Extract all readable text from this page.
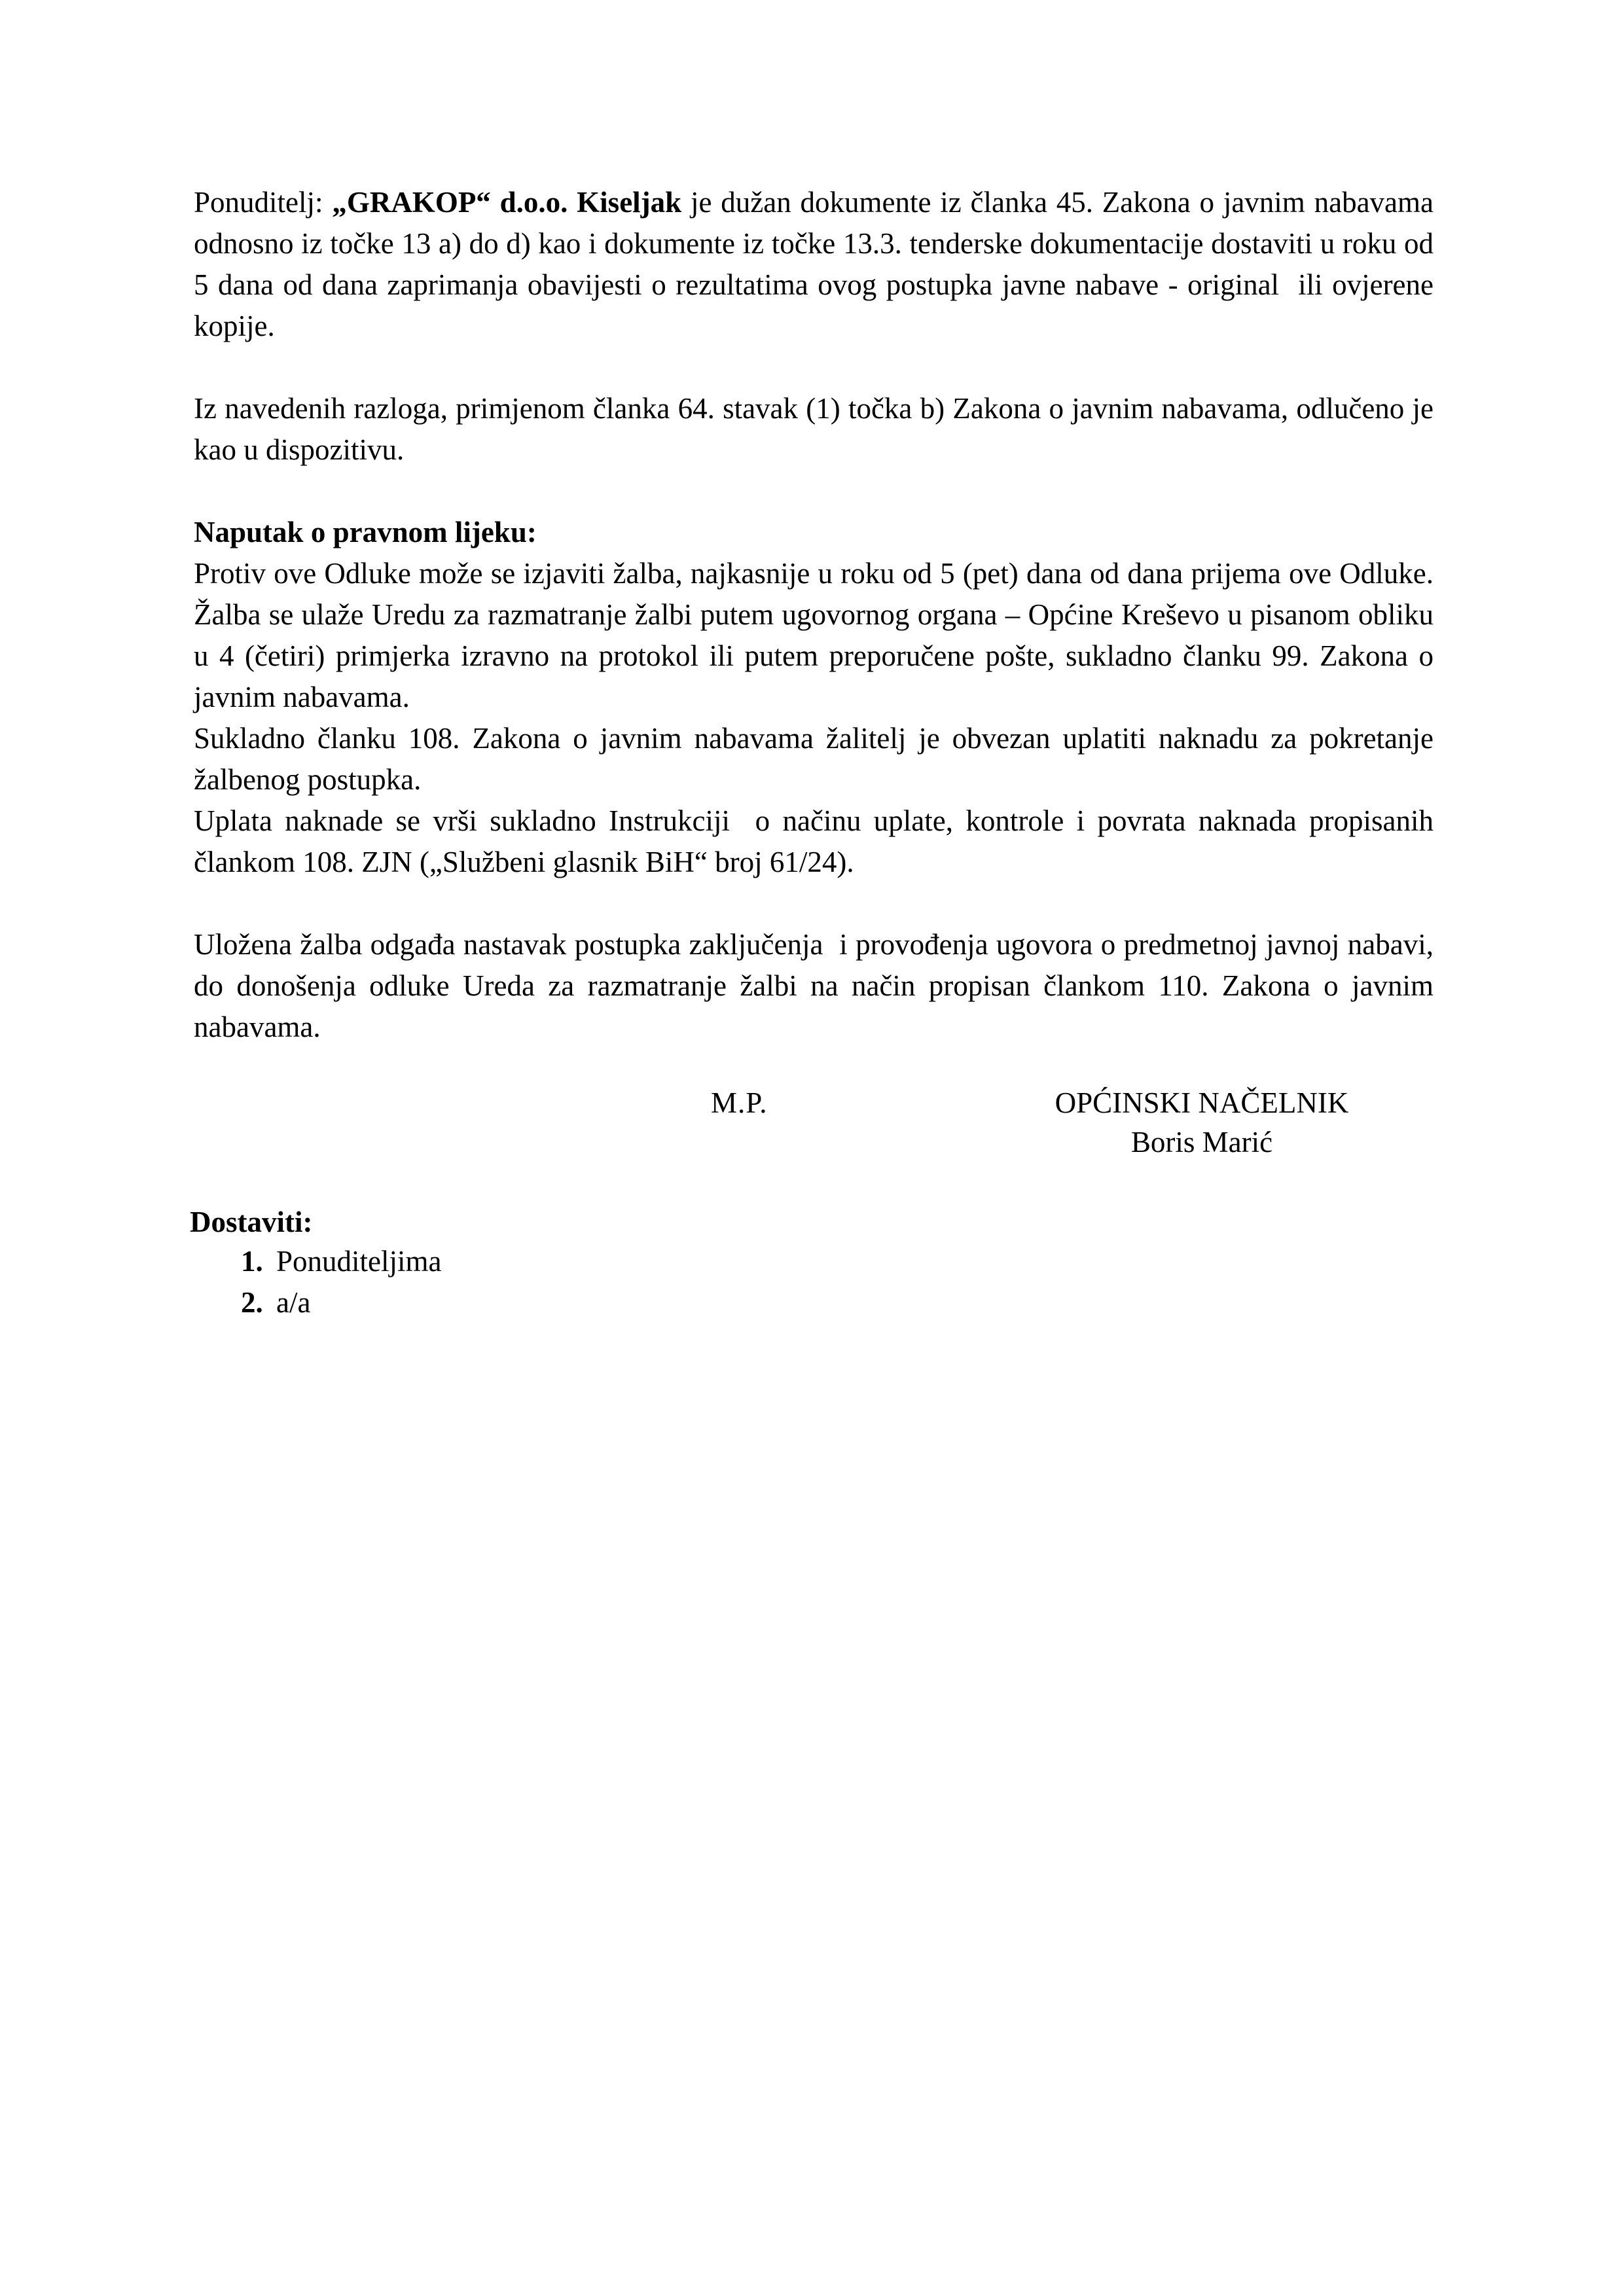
Ponuditelj: „GRAKOP“ d.o.o. Kiseljak je dužan dokumente iz članka 45. Zakona o javnim nabavama odnosno iz točke 13 a) do d) kao i dokumente iz točke 13.3. tenderske dokumentacije dostaviti u roku od 5 dana od dana zaprimanja obavijesti o rezultatima ovog postupka javne nabave - original  ili ovjerene kopije.

Iz navedenih razloga, primjenom članka 64. stavak (1) točka b) Zakona o javnim nabavama, odlučeno je kao u dispozitivu.

Naputak o pravnom lijeku:

Protiv ove Odluke može se izjaviti žalba, najkasnije u roku od 5 (pet) dana od dana prijema ove Odluke. Žalba se ulaže Uredu za razmatranje žalbi putem ugovornog organa – Općine Kreševo u pisanom obliku u 4 (četiri) primjerka izravno na protokol ili putem preporučene pošte, sukladno članku 99. Zakona o javnim nabavama.

Sukladno članku 108. Zakona o javnim nabavama žalitelj je obvezan uplatiti naknadu za pokretanje žalbenog postupka.

Uplata naknade se vrši sukladno Instrukciji  o načinu uplate, kontrole i povrata naknada propisanih člankom 108. ZJN („Službeni glasnik BiH“ broj 61/24).

Uložena žalba odgađa nastavak postupka zaključenja  i provođenja ugovora o predmetnoj javnoj nabavi, do donošenja odluke Ureda za razmatranje žalbi na način propisan člankom 110. Zakona o javnim nabavama.

M.P.	OPĆINSKI NAČELNIK
Boris Marić
Dostaviti:
1. Ponuditeljima
2. a/a
